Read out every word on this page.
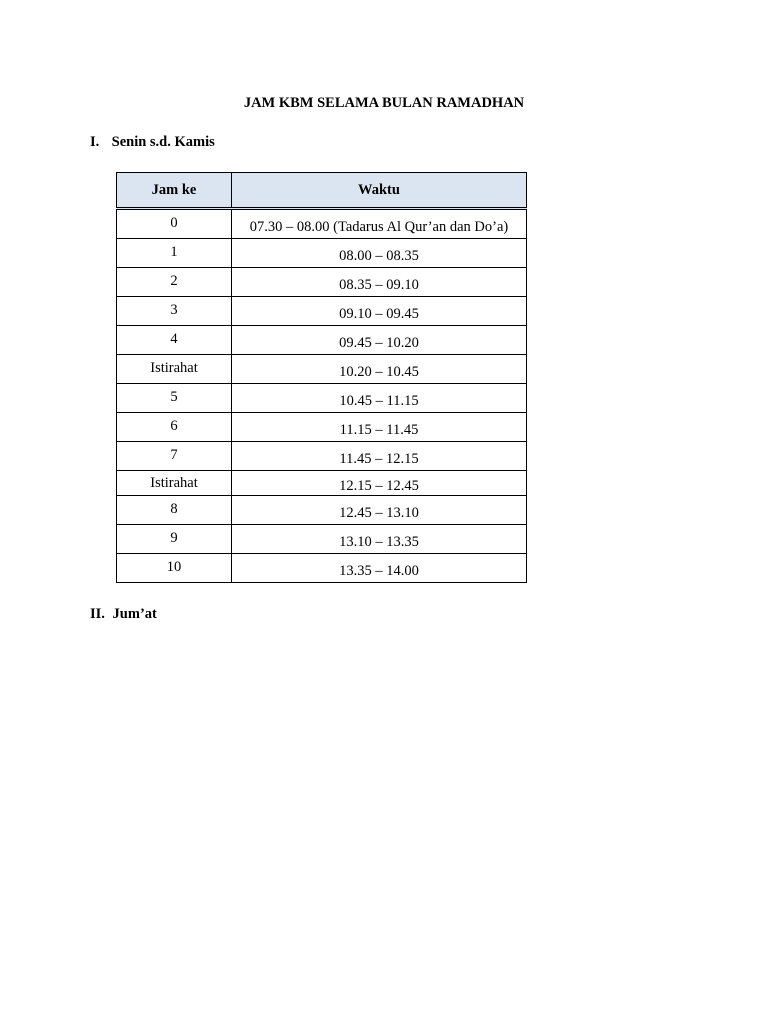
JAM KBM SELAMA BULAN RAMADHAN
I. Senin s.d. Kamis
Jam ke	Waktu
0	07.30 – 08.00 (Tadarus Al Qur’an dan Do’a)
1	08.00 – 08.35
2	08.35 – 09.10
3	09.10 – 09.45
4	09.45 – 10.20
Istirahat	10.20 – 10.45
5	10.45 – 11.15
6	11.15 – 11.45
7	11.45 – 12.15
Istirahat	12.15 – 12.45
8	12.45 – 13.10
9	13.10 – 13.35
10	13.35 – 14.00
II. Jum’at
